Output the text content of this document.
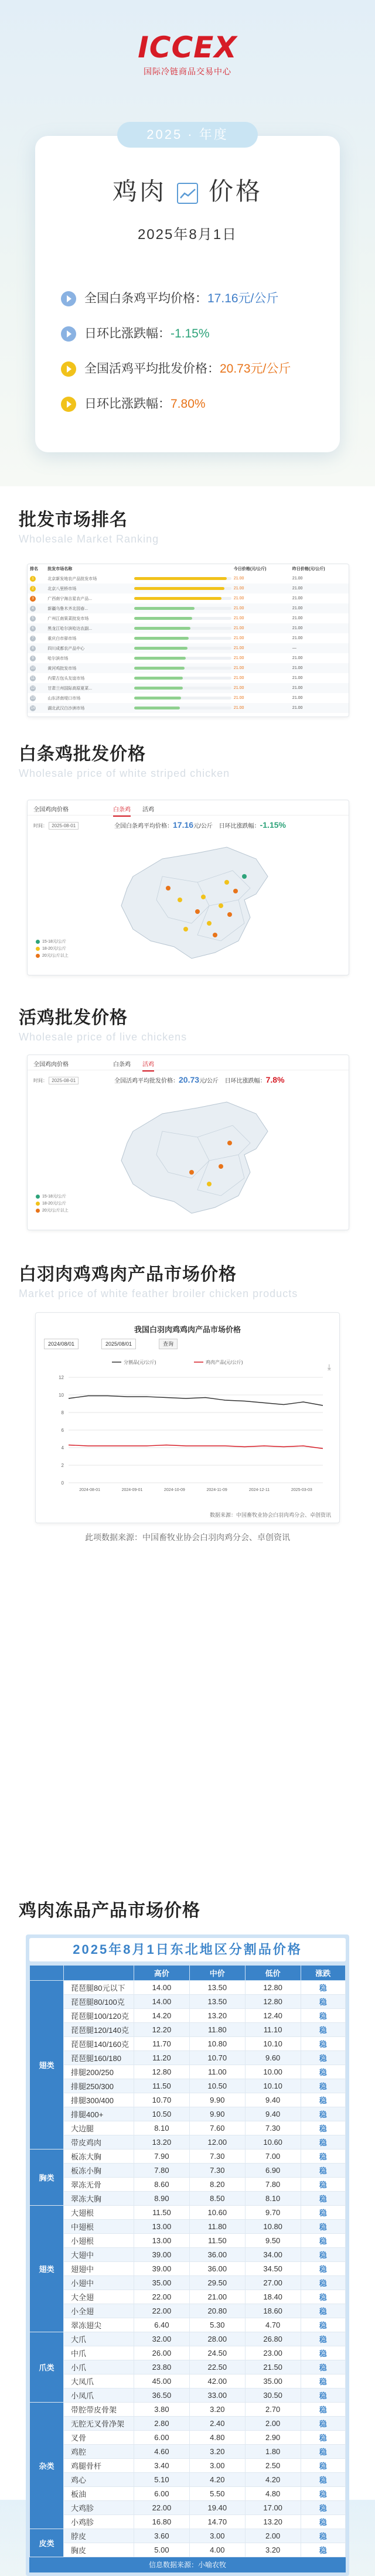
ICCEX
国际冷链商品交易中心
鸡肉 价格
2025年8月1日
全国白条鸡平均价格：17.16元/公斤
日环比涨跌幅：-1.15%
全国活鸡平均批发价格：20.73元/公斤
日环比涨跌幅：7.80%
2025 · 年度
批发市场排名
Wholesale Market Ranking
排名	批发市场名称		今日价格(元/公斤)	昨日价格(元/公斤)
1	北京新发地农产品批发市场		21.00	21.00
2	北京八里桥市场		21.00	21.00
3	广西南宁海吉星农产品...		21.00	21.00
4	新疆乌鲁木齐北园春...		21.00	21.00
5	广州江南果菜批发市场		21.00	21.00
6	黑龙江哈尔滨哈达农副...		21.00	21.00
7	重庆白市驿市场		21.00	21.00
8	四川成都农产品中心		21.00	—
9	哈尔滨市场		21.00	21.00
10	黄河鸡批发市场		21.00	21.00
11	内蒙古包头友谊市场		21.00	21.00
12	甘肃兰州国际高原夏菜...		21.00	21.00
13	山东济南堤口市场		21.00	21.00
14	湖北武汉白沙洲市场		21.00	21.00
白条鸡批发价格
Wholesale price of white striped chicken
全国鸡肉价格	白条鸡 活鸡
时间： 2025-08-01	全国白条鸡平均价格：17.16元/公斤 日环比涨跌幅：-1.15%
15-18元/公斤
18-20元/公斤
20元/公斤以上
活鸡批发价格
Wholesale price of live chickens
全国鸡肉价格	白条鸡 活鸡
时间： 2025-08-01	全国活鸡平均批发价格：20.73元/公斤 日环比涨跌幅：7.8%
15-18元/公斤
18-20元/公斤
20元/公斤以上
白羽肉鸡鸡肉产品市场价格
Market price of white feather broiler chicken products
我国白羽肉鸡鸡肉产品市场价格
2024/08/01	2025/08/01	查询
⤓
分割品(元/公斤)	鸡肉产品(元/公斤)
0
2
4
6
8
10
12
2024-08-01	2024-09-01	2024-10-09	2024-11-09	2024-12-11	2025-03-03
数据来源：中国畜牧业协会白羽肉鸡分会、卓创资讯
此项数据来源：中国畜牧业协会白羽肉鸡分会、卓创资讯
鸡肉冻品产品市场价格
2025年8月1日东北地区分割品价格
		高价	中价	低价	涨跌
翅类	琵琶腿80元以下	14.00	13.50	12.80	稳
	琵琶腿80/100克	14.00	13.50	12.80	稳
	琵琶腿100/120克	14.20	13.20	12.40	稳
	琵琶腿120/140克	12.20	11.80	11.10	稳
	琵琶腿140/160克	11.70	10.80	10.10	稳
	琵琶腿160/180	11.20	10.70	9.60	稳
	排腿200/250	12.80	11.00	10.00	稳
	排腿250/300	11.50	10.50	10.10	稳
	排腿300/400	10.70	9.90	9.40	稳
	排腿400+	10.50	9.90	9.40	稳
	大边腿	8.10	7.60	7.30	稳
	带皮鸡肉	13.20	12.00	10.60	稳
胸类	板冻大胸	7.90	7.30	7.00	稳
	板冻小胸	7.80	7.30	6.90	稳
	翠冻无骨	8.60	8.20	7.80	稳
	翠冻大胸	8.90	8.50	8.10	稳
翅类	大翅根	11.50	10.60	9.70	稳
	中翅根	13.00	11.80	10.80	稳
	小翅根	13.00	11.50	9.50	稳
	大翅中	39.00	36.00	34.00	稳
	翅翅中	39.00	36.00	34.50	稳
	小翅中	35.00	29.50	27.00	稳
	大全翅	22.00	21.00	18.40	稳
	小全翅	22.00	20.80	18.60	稳
	翠冻翅尖	6.40	5.30	4.70	稳
爪类	大爪	32.00	28.00	26.80	稳
	中爪	26.00	24.50	23.00	稳
	小爪	23.80	22.50	21.50	稳
	大凤爪	45.00	42.00	35.00	稳
	小凤爪	36.50	33.00	30.50	稳
杂类	带腔带皮骨架	3.80	3.20	2.70	稳
	无腔无叉骨净架	2.80	2.40	2.00	稳
	叉骨	6.00	4.80	2.90	稳
	鸡腔	4.60	3.20	1.80	稳
	鸡腿骨杆	3.40	3.00	2.50	稳
	鸡心	5.10	4.20	4.20	稳
	板油	6.00	5.50	4.80	稳
	大鸡胗	22.00	19.40	17.00	稳
	小鸡胗	16.80	14.70	13.20	稳
皮类	脖皮	3.60	3.00	2.00	稳
	胸皮	5.00	4.00	3.20	稳
信息数据来源：小喻农牧
